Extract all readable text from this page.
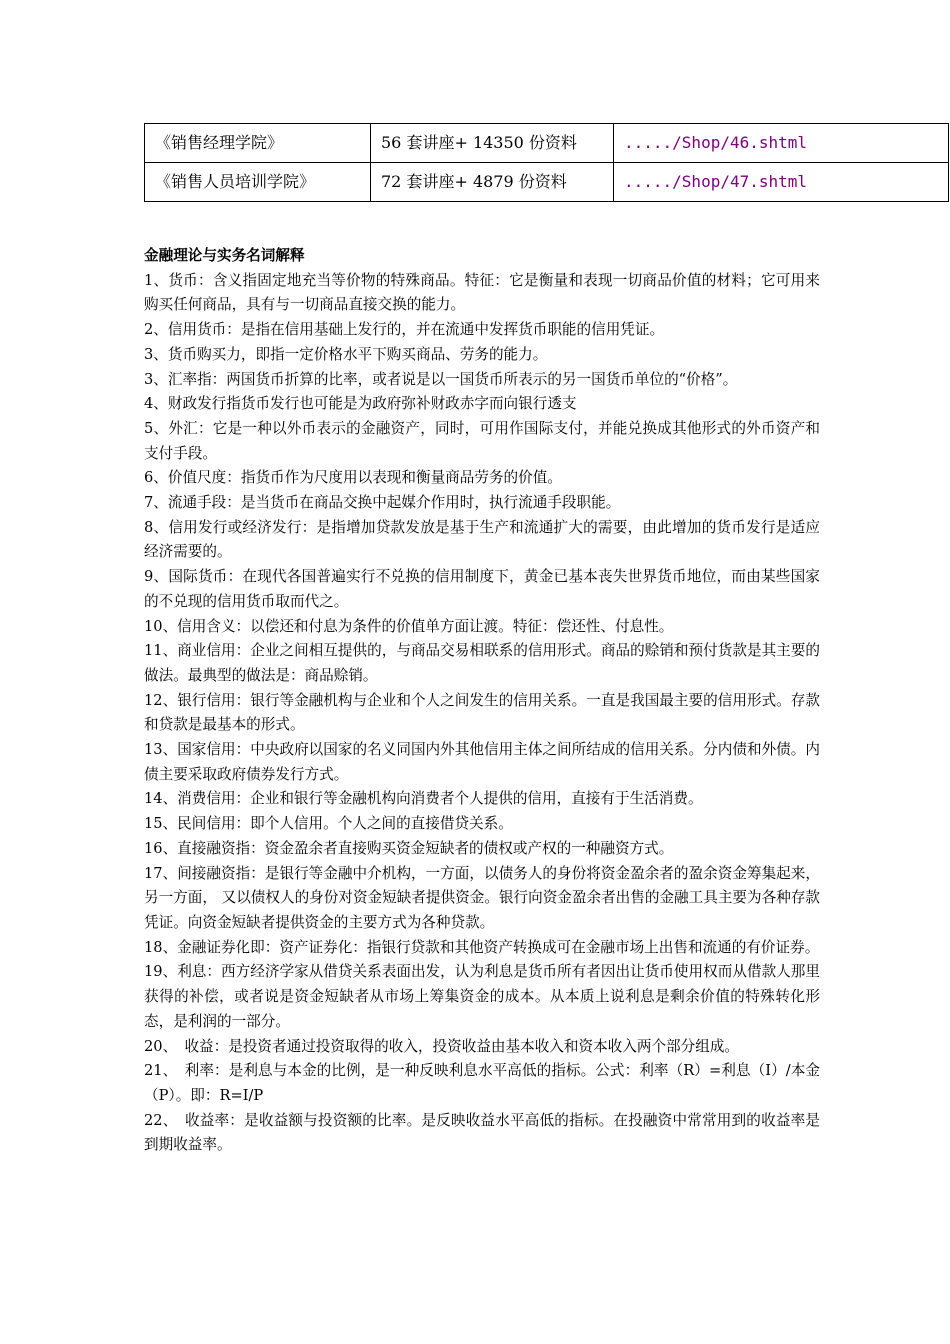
《销售经理学院》	56 套讲座+ 14350 份资料	...../Shop/46.shtml
《销售人员培训学院》	72 套讲座+ 4879 份资料	...../Shop/47.shtml
金融理论与实务名词解释

1、货币：含义指固定地充当等价物的特殊商品。特征：它是衡量和表现一切商品价值的材料；它可用来购买任何商品，具有与一切商品直接交换的能力。

2、信用货币：是指在信用基础上发行的，并在流通中发挥货币职能的信用凭证。

3、货币购买力，即指一定价格水平下购买商品、劳务的能力。

3、汇率指：两国货币折算的比率，或者说是以一国货币所表示的另一国货币单位的“价格”。

4、财政发行指货币发行也可能是为政府弥补财政赤字而向银行透支

5、外汇：它是一种以外币表示的金融资产，同时，可用作国际支付，并能兑换成其他形式的外币资产和支付手段。

6、价值尺度：指货币作为尺度用以表现和衡量商品劳务的价值。

7、流通手段：是当货币在商品交换中起媒介作用时，执行流通手段职能。

8、信用发行或经济发行：是指增加贷款发放是基于生产和流通扩大的需要，由此增加的货币发行是适应经济需要的。

9、国际货币：在现代各国普遍实行不兑换的信用制度下，黄金已基本丧失世界货币地位，而由某些国家的不兑现的信用货币取而代之。

10、信用含义：以偿还和付息为条件的价值单方面让渡。特征：偿还性、付息性。

11、商业信用：企业之间相互提供的，与商品交易相联系的信用形式。商品的赊销和预付货款是其主要的做法。最典型的做法是：商品赊销。

12、银行信用：银行等金融机构与企业和个人之间发生的信用关系。一直是我国最主要的信用形式。存款和贷款是最基本的形式。

13、国家信用：中央政府以国家的名义同国内外其他信用主体之间所结成的信用关系。分内债和外债。内债主要采取政府债券发行方式。

14、消费信用：企业和银行等金融机构向消费者个人提供的信用，直接有于生活消费。

15、民间信用：即个人信用。个人之间的直接借贷关系。

16、直接融资指：资金盈余者直接购买资金短缺者的债权或产权的一种融资方式。

17、间接融资指：是银行等金融中介机构，一方面，以债务人的身份将资金盈余者的盈余资金筹集起来，另一方面， 又以债权人的身份对资金短缺者提供资金。银行向资金盈余者出售的金融工具主要为各种存款凭证。向资金短缺者提供资金的主要方式为各种贷款。

18、金融证券化即：资产证券化：指银行贷款和其他资产转换成可在金融市场上出售和流通的有价证券。

19、利息：西方经济学家从借贷关系表面出发，认为利息是货币所有者因出让货币使用权而从借款人那里获得的补偿，或者说是资金短缺者从市场上筹集资金的成本。从本质上说利息是剩余价值的特殊转化形态，是利润的一部分。

20、　收益：是投资者通过投资取得的收入，投资收益由基本收入和资本收入两个部分组成。

21、　利率：是利息与本金的比例，是一种反映利息水平高低的指标。公式：利率（R）=利息（I）/本金（P）。即：R=I/P

22、　收益率：是收益额与投资额的比率。是反映收益水平高低的指标。在投融资中常常用到的收益率是到期收益率。
